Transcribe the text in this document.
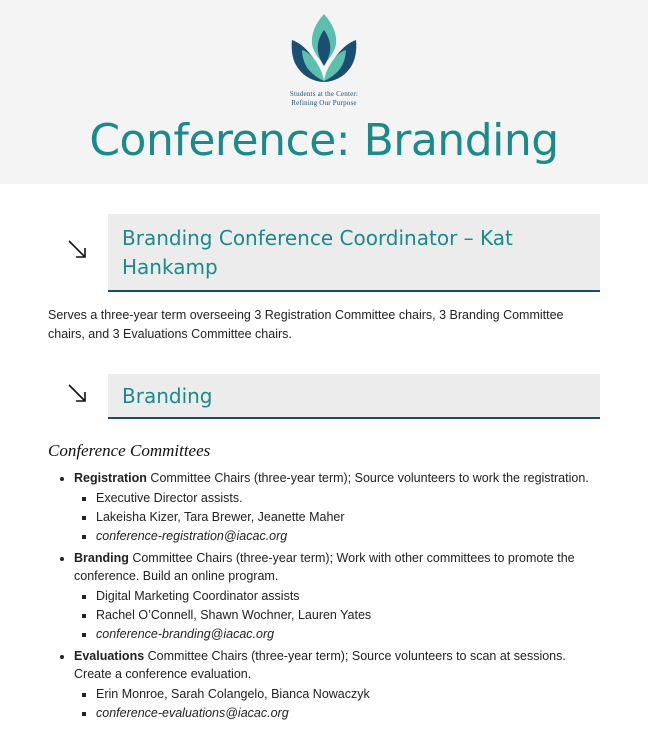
Students at the Center:
Refining Our Purpose
Conference: Branding
Branding Conference Coordinator – Kat Hankamp

Serves a three-year term overseeing 3 Registration Committee chairs, 3 Branding Committee chairs, and 3 Evaluations Committee chairs.

Branding
Conference Committees
• Registration Committee Chairs (three-year term); Source volunteers to work the registration.
▪ Executive Director assists.
▪ Lakeisha Kizer, Tara Brewer, Jeanette Maher
▪ conference-registration@iacac.org
• Branding Committee Chairs (three-year term); Work with other committees to promote the conference. Build an online program.
▪ Digital Marketing Coordinator assists
▪ Rachel O’Connell, Shawn Wochner, Lauren Yates
▪ conference-branding@iacac.org
• Evaluations Committee Chairs (three-year term); Source volunteers to scan at sessions. Create a conference evaluation.
▪ Erin Monroe, Sarah Colangelo, Bianca Nowaczyk
▪ conference-evaluations@iacac.org
